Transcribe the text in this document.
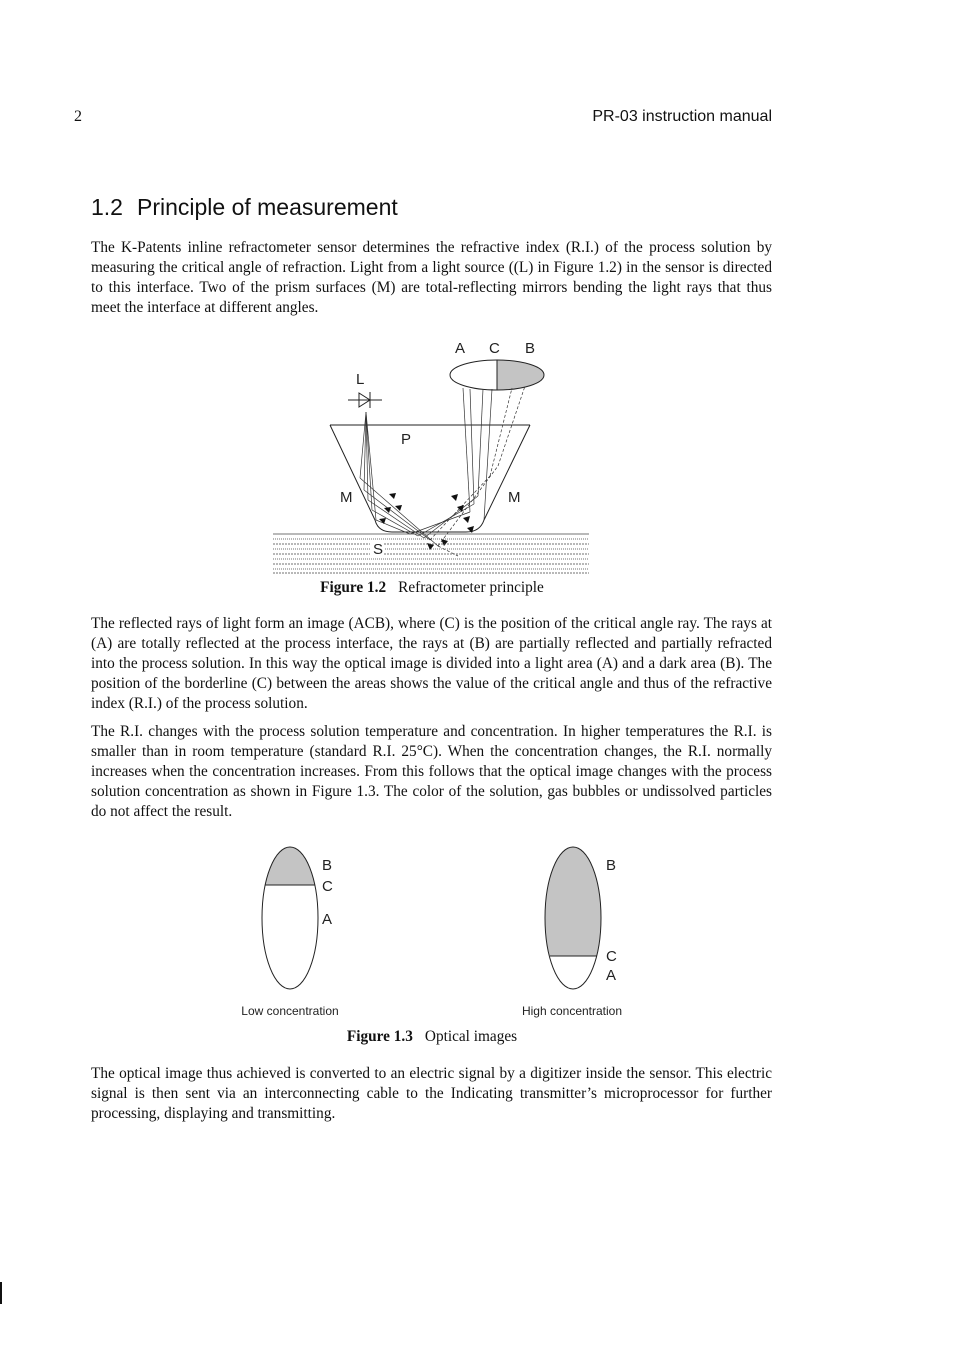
2	PR-03 instruction manual
1.2 Principle of measurement

The K-Patents inline refractometer sensor determines the refractive index (R.I.) of the process solution by measuring the critical angle of refraction. Light from a light source ((L) in Figure 1.2) in the sensor is directed to this interface. Two of the prism surfaces (M) are total-reflecting mirrors bending the light rays that thus meet the interface at different angles.

A C B
L
P
M	M
S
B
C
A
B
C
A
Low concentration	High concentration
Figure 1.2 Refractometer principle

The reflected rays of light form an image (ACB), where (C) is the position of the critical angle ray. The rays at (A) are totally reflected at the process interface, the rays at (B) are partially reflected and partially refracted into the process solution. In this way the optical image is divided into a light area (A) and a dark area (B). The position of the borderline (C) between the areas shows the value of the critical angle and thus of the refractive index (R.I.) of the process solution.

The R.I. changes with the process solution temperature and concentration. In higher temperatures the R.I. is smaller than in room temperature (standard R.I. 25°C). When the concentration changes, the R.I. normally increases when the concentration increases. From this follows that the optical image changes with the process solution concentration as shown in Figure 1.3. The color of the solution, gas bubbles or undissolved particles do not affect the result.

Figure 1.3 Optical images

The optical image thus achieved is converted to an electric signal by a digitizer inside the sensor. This electric signal is then sent via an interconnecting cable to the Indicating transmitter’s microprocessor for further processing, displaying and transmitting.
